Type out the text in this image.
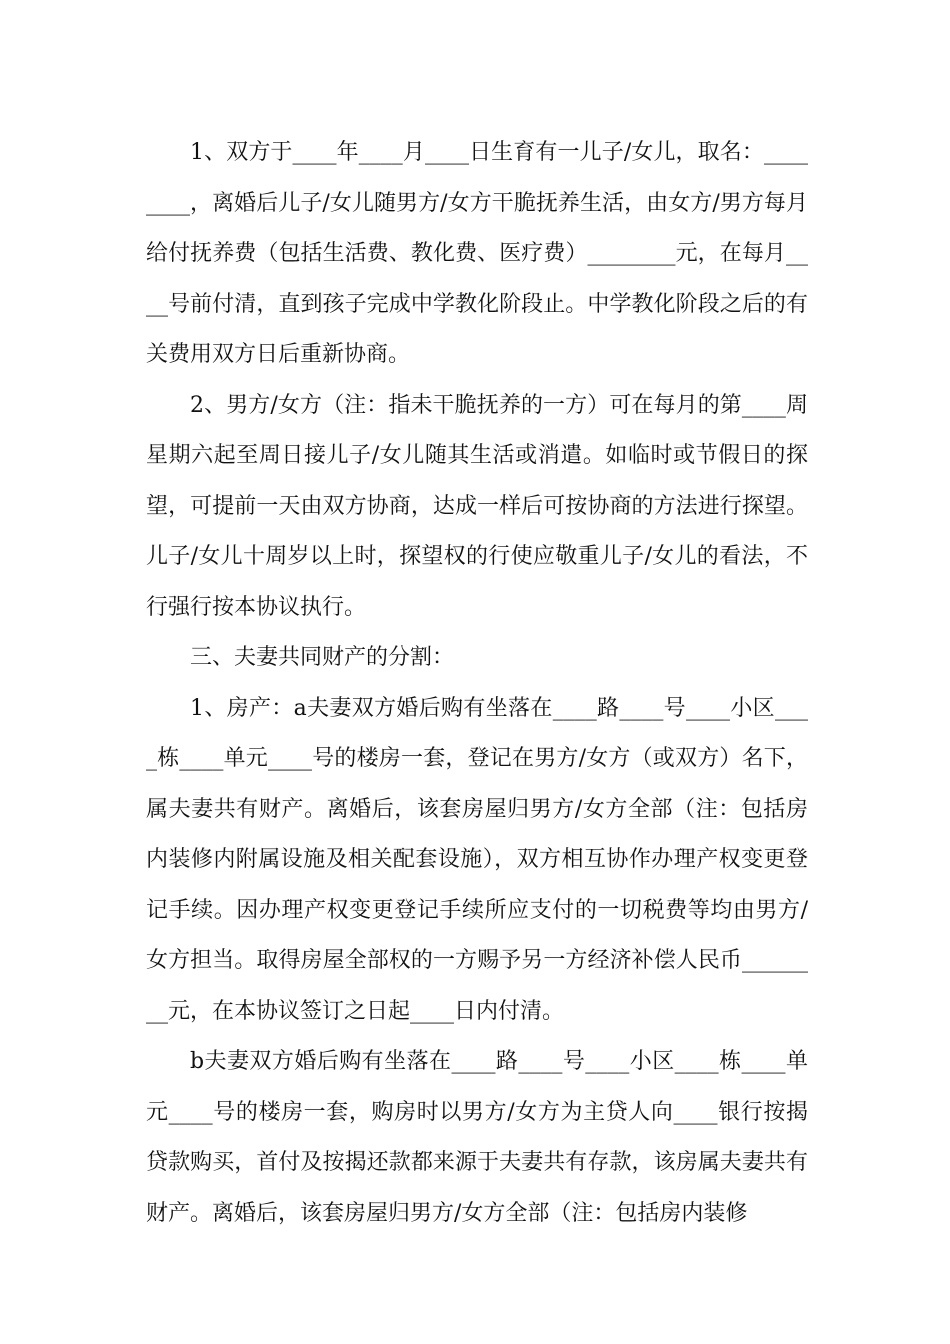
1、双方于____年____月____日生育有一儿子/女儿，取名：________，离婚后儿子/女儿随男方/女方干脆抚养生活，由女方/男方每月给付抚养费（包括生活费、教化费、医疗费）________元，在每月____号前付清，直到孩子完成中学教化阶段止。中学教化阶段之后的有关费用双方日后重新协商。

2、男方/女方（注：指未干脆抚养的一方）可在每月的第____周星期六起至周日接儿子/女儿随其生活或消遣。如临时或节假日的探望，可提前一天由双方协商，达成一样后可按协商的方法进行探望。儿子/女儿十周岁以上时，探望权的行使应敬重儿子/女儿的看法，不行强行按本协议执行。

三、夫妻共同财产的分割：

1、房产：a夫妻双方婚后购有坐落在____路____号____小区____栋____单元____号的楼房一套，登记在男方/女方（或双方）名下，属夫妻共有财产。离婚后，该套房屋归男方/女方全部（注：包括房内装修内附属设施及相关配套设施），双方相互协作办理产权变更登记手续。因办理产权变更登记手续所应支付的一切税费等均由男方/女方担当。取得房屋全部权的一方赐予另一方经济补偿人民币________元，在本协议签订之日起____日内付清。

b夫妻双方婚后购有坐落在____路____号____小区____栋____单元____号的楼房一套，购房时以男方/女方为主贷人向____银行按揭贷款购买，首付及按揭还款都来源于夫妻共有存款，该房属夫妻共有财产。离婚后，该套房屋归男方/女方全部（注：包括房内装修
